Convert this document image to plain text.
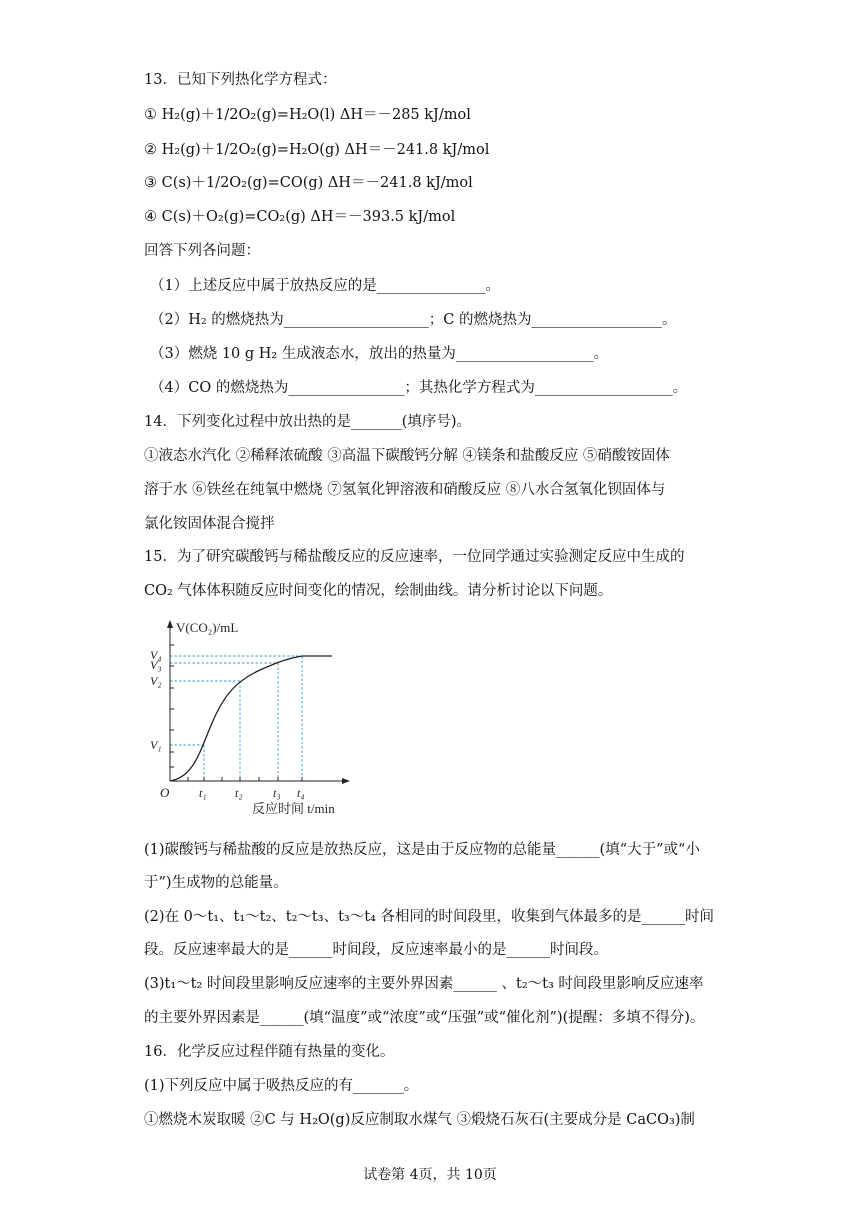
13．已知下列热化学方程式：
① H₂(g)＋1/2O₂(g)=H₂O(l) ΔH＝－285 kJ/mol
② H₂(g)＋1/2O₂(g)=H₂O(g) ΔH＝－241.8 kJ/mol
③ C(s)＋1/2O₂(g)=CO(g) ΔH＝－241.8 kJ/mol
④ C(s)＋O₂(g)=CO₂(g) ΔH＝－393.5 kJ/mol
回答下列各问题：
（1）上述反应中属于放热反应的是_______________。
（2）H₂ 的燃烧热为____________________；C 的燃烧热为__________________。
（3）燃烧 10 g H₂ 生成液态水，放出的热量为___________________。
（4）CO 的燃烧热为________________；其热化学方程式为___________________。
14．下列变化过程中放出热的是_______(填序号)。
①液态水汽化 ②稀释浓硫酸 ③高温下碳酸钙分解 ④镁条和盐酸反应 ⑤硝酸铵固体
溶于水 ⑥铁丝在纯氧中燃烧 ⑦氢氧化钾溶液和硝酸反应 ⑧八水合氢氧化钡固体与
氯化铵固体混合搅拌
15．为了研究碳酸钙与稀盐酸反应的反应速率，一位同学通过实验测定反应中生成的
CO₂ 气体体积随反应时间变化的情况，绘制曲线。请分析讨论以下问题。
V(CO₂)/mL
V₄
V₃
V₂
V₁
O t₁ t₂	t₃ t₄
反应时间 t/min
(1)碳酸钙与稀盐酸的反应是放热反应，这是由于反应物的总能量______(填“大于”或“小
于”)生成物的总能量。
(2)在 0～t₁、t₁～t₂、t₂～t₃、t₃～t₄ 各相同的时间段里，收集到气体最多的是______时间
段。反应速率最大的是______时间段，反应速率最小的是______时间段。
(3)t₁～t₂ 时间段里影响反应速率的主要外界因素______ 、t₂～t₃ 时间段里影响反应速率
的主要外界因素是______(填“温度”或“浓度”或“压强”或“催化剂”)(提醒：多填不得分)。
16．化学反应过程伴随有热量的变化。
(1)下列反应中属于吸热反应的有_______。
①燃烧木炭取暖 ②C 与 H₂O(g)反应制取水煤气 ③煅烧石灰石(主要成分是 CaCO₃)制
试卷第 4页，共 10页
